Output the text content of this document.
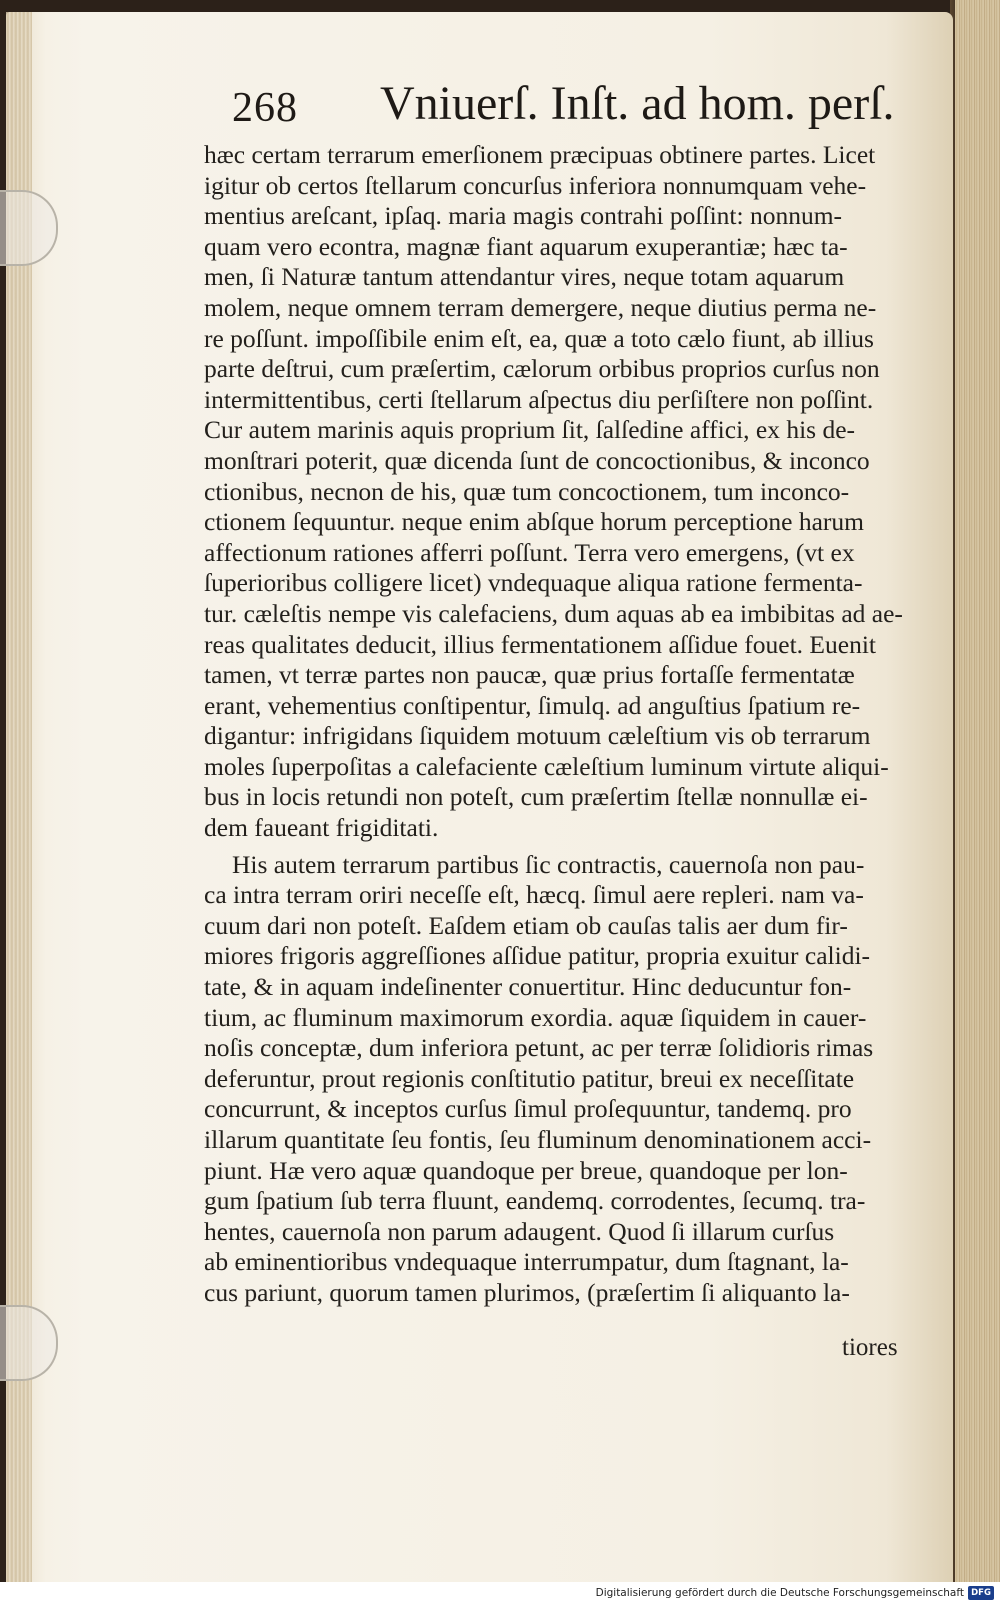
268 Vniuerſ. Inſt. ad hom. perſ.
hæc certam terrarum emerſionem præcipuas obtinere partes. Licet
igitur ob certos ſtellarum concurſus inferiora nonnumquam vehe-
mentius areſcant, ipſaq. maria magis contrahi poſſint: nonnum-
quam vero econtra, magnæ fiant aquarum exuperantiæ; hæc ta-
men, ſi Naturæ tantum attendantur vires, neque totam aquarum
molem, neque omnem terram demergere, neque diutius perma ne-
re poſſunt. impoſſibile enim eſt, ea, quæ a toto cælo fiunt, ab illius
parte deſtrui, cum præſertim, cælorum orbibus proprios curſus non
intermittentibus, certi ſtellarum aſpectus diu perſiſtere non poſſint.
Cur autem marinis aquis proprium ſit, ſalſedine affici, ex his de-
monſtrari poterit, quæ dicenda ſunt de concoctionibus, & inconco
ctionibus, necnon de his, quæ tum concoctionem, tum inconco-
ctionem ſequuntur. neque enim abſque horum perceptione harum
affectionum rationes afferri poſſunt. Terra vero emergens, (vt ex
ſuperioribus colligere licet) vndequaque aliqua ratione fermenta-
tur. cæleſtis nempe vis calefaciens, dum aquas ab ea imbibitas ad ae-
reas qualitates deducit, illius fermentationem aſſidue fouet. Euenit
tamen, vt terræ partes non paucæ, quæ prius fortaſſe fermentatæ
erant, vehementius conſtipentur, ſimulq. ad anguſtius ſpatium re-
digantur: infrigidans ſiquidem motuum cæleſtium vis ob terrarum
moles ſuperpoſitas a calefaciente cæleſtium luminum virtute aliqui-
bus in locis retundi non poteſt, cum præſertim ſtellæ nonnullæ ei-
dem faueant frigiditati.
His autem terrarum partibus ſic contractis, cauernoſa non pau-
ca intra terram oriri neceſſe eſt, hæcq. ſimul aere repleri. nam va-
cuum dari non poteſt. Eaſdem etiam ob cauſas talis aer dum fir-
miores frigoris aggreſſiones aſſidue patitur, propria exuitur calidi-
tate, & in aquam indeſinenter conuertitur. Hinc deducuntur fon-
tium, ac fluminum maximorum exordia. aquæ ſiquidem in cauer-
noſis conceptæ, dum inferiora petunt, ac per terræ ſolidioris rimas
deferuntur, prout regionis conſtitutio patitur, breui ex neceſſitate
concurrunt, & inceptos curſus ſimul proſequuntur, tandemq. pro
illarum quantitate ſeu fontis, ſeu fluminum denominationem acci-
piunt. Hæ vero aquæ quandoque per breue, quandoque per lon-
gum ſpatium ſub terra fluunt, eandemq. corrodentes, ſecumq. tra-
hentes, cauernoſa non parum adaugent. Quod ſi illarum curſus
ab eminentioribus vndequaque interrumpatur, dum ſtagnant, la-
cus pariunt, quorum tamen plurimos, (præſertim ſi aliquanto la-
tiores
Digitalisierung gefördert durch die Deutsche Forschungsgemeinschaft DFG
